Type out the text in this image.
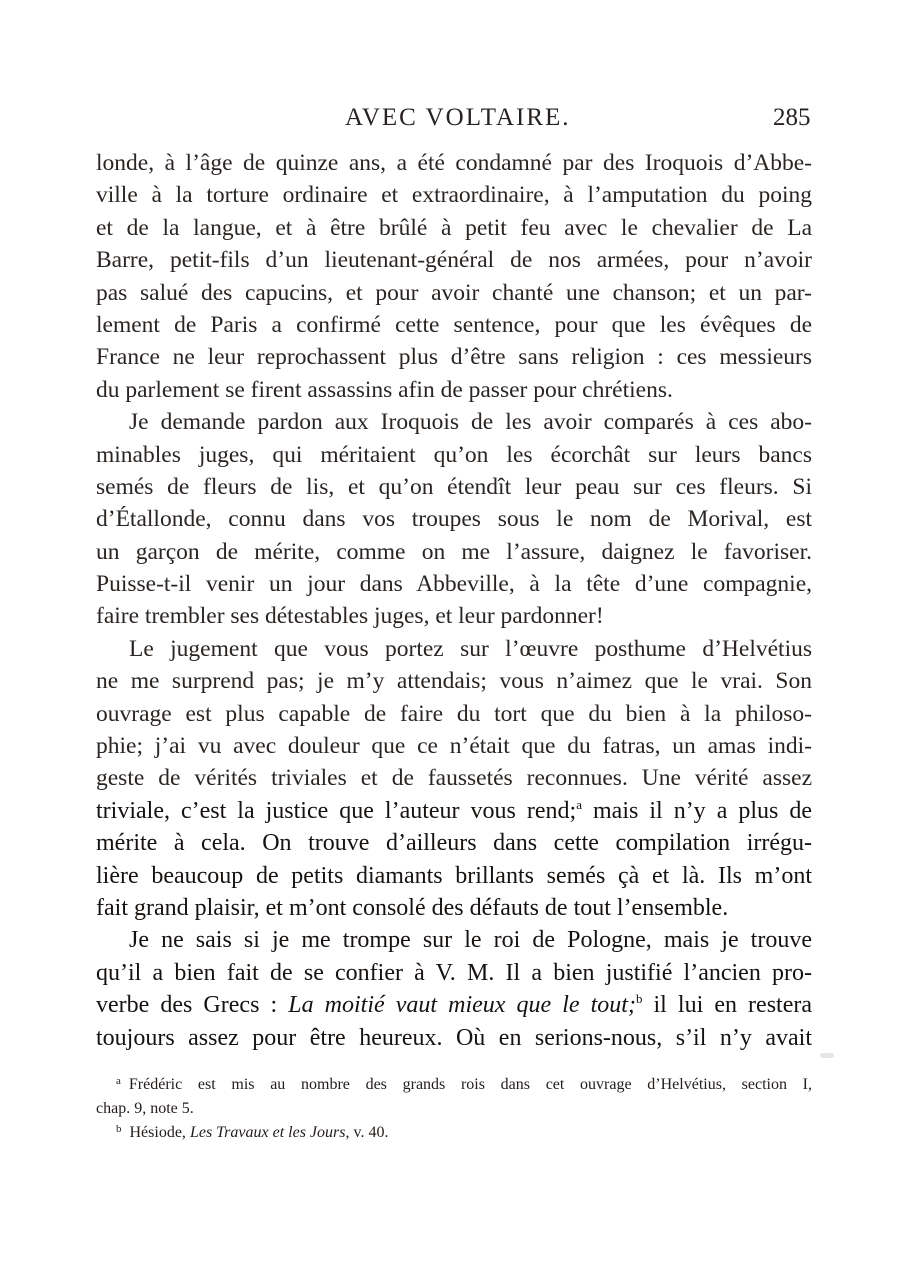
AVEC VOLTAIRE.	285
londe, à l’âge de quinze ans, a été condamné par des Iroquois d’Abbe-
ville à la torture ordinaire et extraordinaire, à l’amputation du poing
et de la langue, et à être brûlé à petit feu avec le chevalier de La
Barre, petit-fils d’un lieutenant-général de nos armées, pour n’avoir
pas salué des capucins, et pour avoir chanté une chanson; et un par-
lement de Paris a confirmé cette sentence, pour que les évêques de
France ne leur reprochassent plus d’être sans religion : ces messieurs
du parlement se firent assassins afin de passer pour chrétiens.
Je demande pardon aux Iroquois de les avoir comparés à ces abo-
minables juges, qui méritaient qu’on les écorchât sur leurs bancs
semés de fleurs de lis, et qu’on étendît leur peau sur ces fleurs. Si
d’Étallonde, connu dans vos troupes sous le nom de Morival, est
un garçon de mérite, comme on me l’assure, daignez le favoriser.
Puisse-t-il venir un jour dans Abbeville, à la tête d’une compagnie,
faire trembler ses détestables juges, et leur pardonner!
Le jugement que vous portez sur l’œuvre posthume d’Helvétius
ne me surprend pas; je m’y attendais; vous n’aimez que le vrai. Son
ouvrage est plus capable de faire du tort que du bien à la philoso-
phie; j’ai vu avec douleur que ce n’était que du fatras, un amas indi-
geste de vérités triviales et de faussetés reconnues. Une vérité assez
triviale, c’est la justice que l’auteur vous rend;$^a$ mais il n’y a plus de
mérite à cela. On trouve d’ailleurs dans cette compilation irrégu-
lière beaucoup de petits diamants brillants semés çà et là. Ils m’ont
fait grand plaisir, et m’ont consolé des défauts de tout l’ensemble.
Je ne sais si je me trompe sur le roi de Pologne, mais je trouve
qu’il a bien fait de se confier à V. M. Il a bien justifié l’ancien pro-
verbe des Grecs : La moitié vaut mieux que le tout;$^b$ il lui en restera
toujours assez pour être heureux. Où en serions-nous, s’il n’y avait
$^a$ Frédéric est mis au nombre des grands rois dans cet ouvrage d’Helvétius, section I,
chap. 9, note 5.
$^b$ Hésiode, Les Travaux et les Jours, v. 40.
